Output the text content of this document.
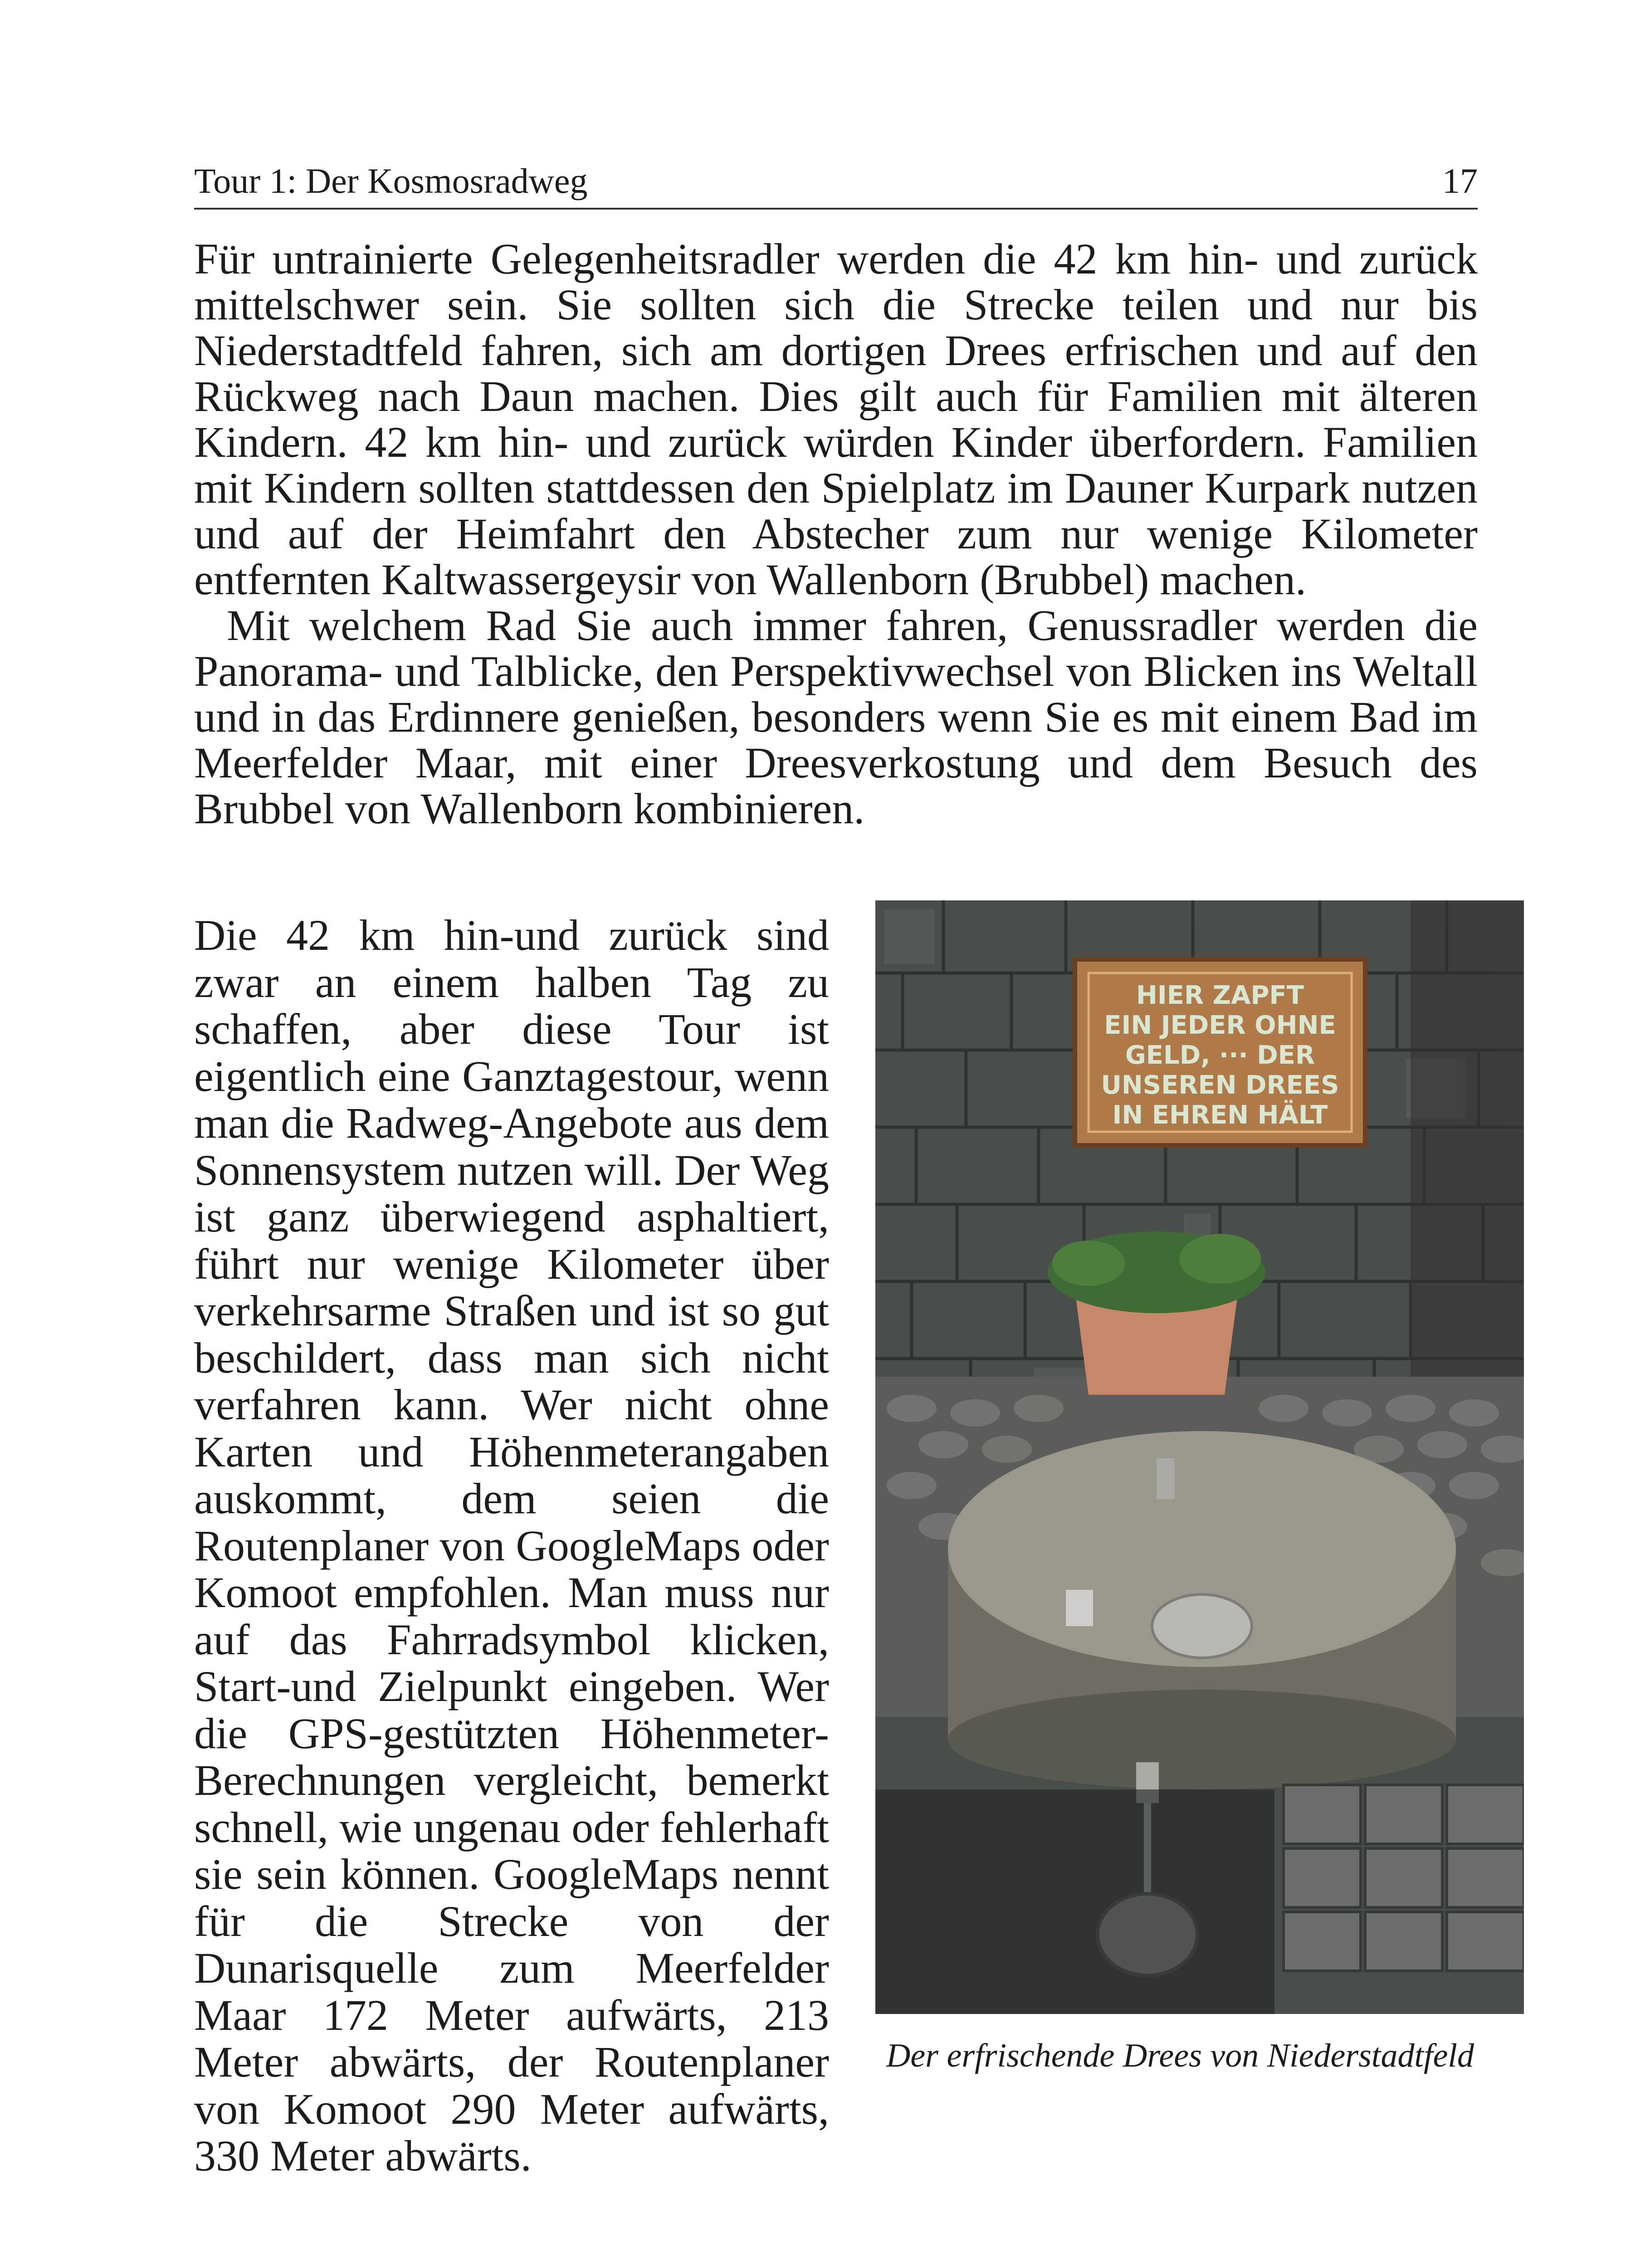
Tour 1: Der Kosmosradweg	17

Für untrainierte Gelegenheitsradler werden die 42 km hin- und zurück mittelschwer sein. Sie sollten sich die Strecke teilen und nur bis Niederstadtfeld fahren, sich am dortigen Drees erfrischen und auf den Rückweg nach Daun machen. Dies gilt auch für Familien mit älteren Kindern. 42 km hin- und zurück würden Kinder überfordern. Familien mit Kindern sollten stattdessen den Spielplatz im Dauner Kurpark nutzen und auf der Heimfahrt den Abstecher zum nur wenige Kilometer entfernten Kaltwassergeysir von Wallenborn (Brubbel) machen.

Mit welchem Rad Sie auch immer fahren, Genussradler werden die Panorama- und Talblicke, den Perspektivwechsel von Blicken ins Weltall und in das Erdinnere genießen, besonders wenn Sie es mit einem Bad im Meerfelder Maar, mit einer Dreesverkostung und dem Besuch des Brubbel von Wallenborn kombinieren.

Die 42 km hin-und zurück sind zwar an einem halben Tag zu schaffen, aber diese Tour ist eigentlich eine Ganztagestour, wenn man die Radweg-Angebote aus dem Sonnensystem nutzen will. Der Weg ist ganz überwiegend asphaltiert, führt nur wenige Kilometer über verkehrsarme Straßen und ist so gut beschildert, dass man sich nicht verfahren kann. Wer nicht ohne Karten und Höhenmeterangaben auskommt, dem seien die Routenplaner von GoogleMaps oder Komoot empfohlen. Man muss nur auf das Fahrradsymbol klicken, Start-und Zielpunkt eingeben. Wer die GPS-gestützten Höhenmeter-Berechnungen vergleicht, bemerkt schnell, wie ungenau oder fehlerhaft sie sein können. GoogleMaps nennt für die Strecke von der Dunarisquelle zum Meerfelder Maar 172 Meter aufwärts, 213 Meter abwärts, der Routenplaner von Komoot 290 Meter aufwärts, 330 Meter abwärts.

HIER ZAPFT
EIN JEDER OHNE
GELD, ··· DER
UNSEREN DREES
IN EHREN HÄLT
Der erfrischende Drees von Niederstadtfeld
